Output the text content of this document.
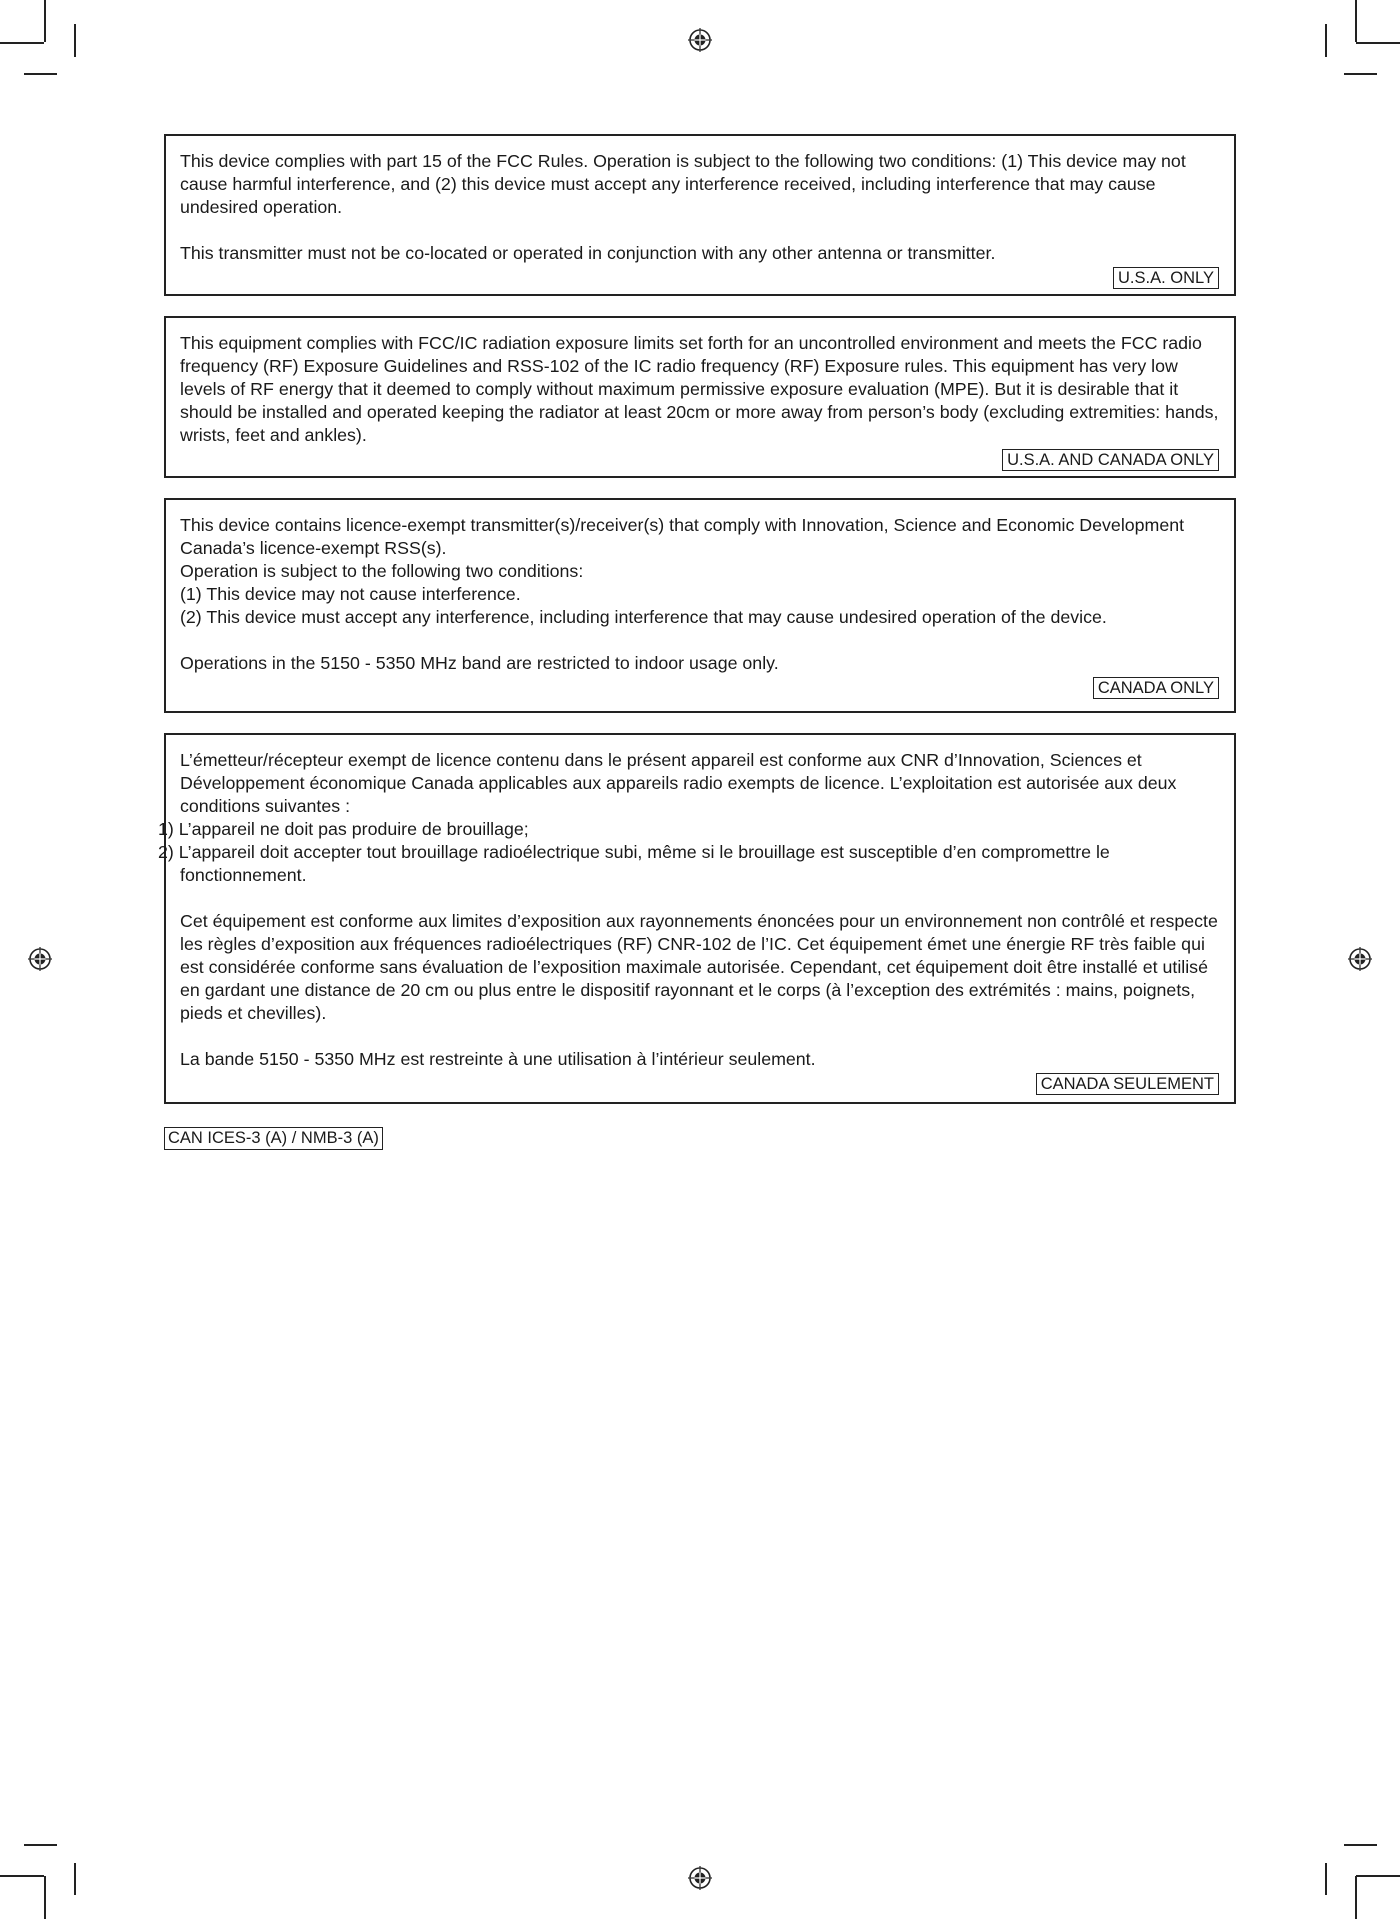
This device complies with part 15 of the FCC Rules. Operation is subject to the following two conditions: (1) This device may not cause harmful interference, and (2) this device must accept any interference received, including interference that may cause undesired operation.

This transmitter must not be co-located or operated in conjunction with any other antenna or transmitter.

U.S.A. ONLY

This equipment complies with FCC/IC radiation exposure limits set forth for an uncontrolled environment and meets the FCC radio frequency (RF) Exposure Guidelines and RSS-102 of the IC radio frequency (RF) Exposure rules. This equipment has very low levels of RF energy that it deemed to comply without maximum permissive exposure evaluation (MPE). But it is desirable that it should be installed and operated keeping the radiator at least 20cm or more away from person’s body (excluding extremities: hands, wrists, feet and ankles).

U.S.A. AND CANADA ONLY

This device contains licence-exempt transmitter(s)/receiver(s) that comply with Innovation, Science and Economic Development Canada’s licence-exempt RSS(s).

Operation is subject to the following two conditions:

(1) This device may not cause interference.

(2) This device must accept any interference, including interference that may cause undesired operation of the device.

Operations in the 5150 - 5350 MHz band are restricted to indoor usage only.

CANADA ONLY

L’émetteur/récepteur exempt de licence contenu dans le présent appareil est conforme aux CNR d’Innovation, Sciences et Développement économique Canada applicables aux appareils radio exempts de licence. L’exploitation est autorisée aux deux conditions suivantes :

1) L’appareil ne doit pas produire de brouillage;

2) L’appareil doit accepter tout brouillage radioélectrique subi, même si le brouillage est susceptible d’en compromettre le fonctionnement.

Cet équipement est conforme aux limites d’exposition aux rayonnements énoncées pour un environnement non contrôlé et respecte les règles d’exposition aux fréquences radioélectriques (RF) CNR-102 de l’IC. Cet équipement émet une énergie RF très faible qui est considérée conforme sans évaluation de l’exposition maximale autorisée. Cependant, cet équipement doit être installé et utilisé en gardant une distance de 20 cm ou plus entre le dispositif rayonnant et le corps (à l’exception des extrémités : mains, poignets, pieds et chevilles).

La bande 5150 - 5350 MHz est restreinte à une utilisation à l’intérieur seulement.

CANADA SEULEMENT
CAN ICES-3 (A) / NMB-3 (A)
